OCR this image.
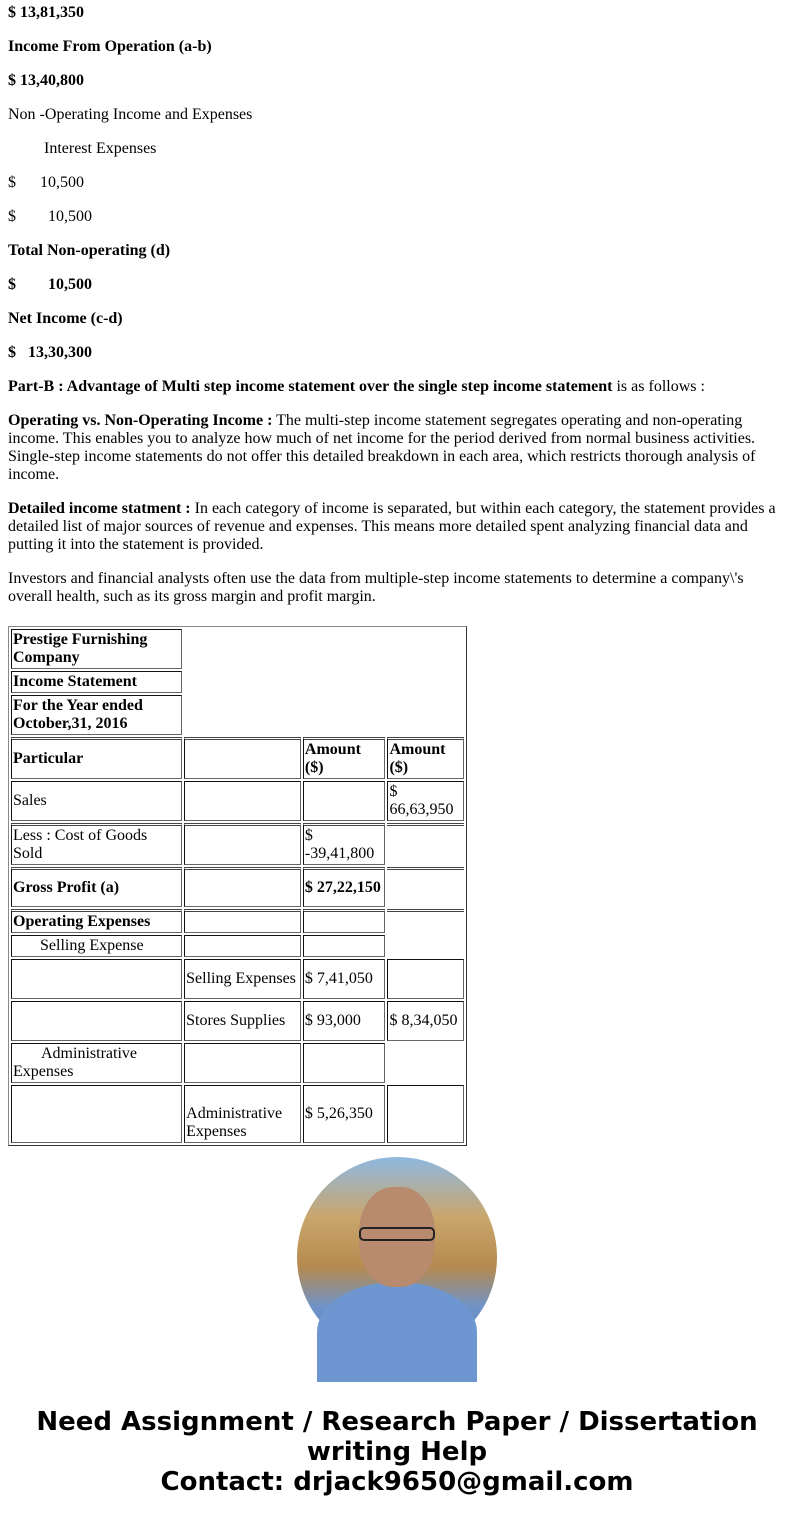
$ 13,81,350

Income From Operation (a-b)

$ 13,40,800

Non -Operating Income and Expenses

Interest Expenses

$      10,500

$        10,500

Total Non-operating (d)

$        10,500

Net Income (c-d)

$   13,30,300

Part-B : Advantage of Multi step income statement over the single step income statement is as follows :

Operating vs. Non-Operating Income : The multi-step income statement segregates operating and non-operating income. This enables you to analyze how much of net income for the period derived from normal business activities. Single-step income statements do not offer this detailed breakdown in each area, which restricts thorough analysis of income.

Detailed income statment : In each category of income is separated, but within each category, the statement provides a detailed list of major sources of revenue and expenses. This means more detailed spent analyzing financial data and putting it into the statement is provided.

Investors and financial analysts often use the data from multiple-step income statements to determine a company\'s overall health, such as its gross margin and profit margin.

Prestige Furnishing Company			
Income Statement			
For the Year ended October,31, 2016			
Particular		Amount ($)	Amount ($)
Sales			$ 66,63,950
Less : Cost of Goods Sold		$ -39,41,800	
Gross Profit (a)		$ 27,22,150	
Operating Expenses			
Selling Expense			
	Selling Expenses	$ 7,41,050	
	Stores Supplies	$ 93,000	$ 8,34,050
Administrative Expenses			
	Administrative Expenses	$ 5,26,350	
Need Assignment / Research Paper / Dissertation writing Help
Contact: drjack9650@gmail.com
